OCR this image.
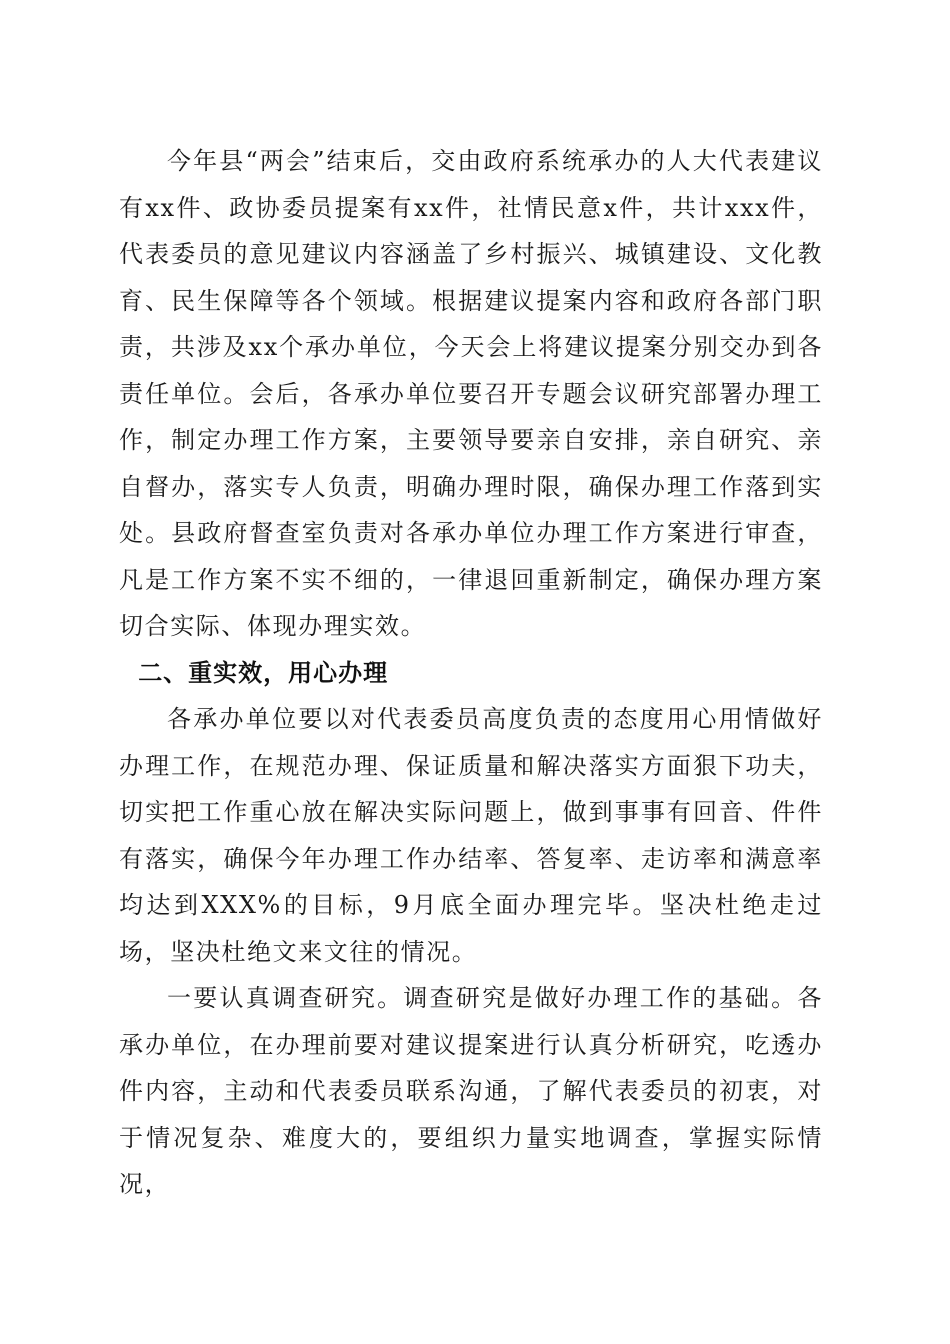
今年县“两会”结束后，交由政府系统承办的人大代表建议有xx件、政协委员提案有xx件，社情民意x件，共计xxx件，代表委员的意见建议内容涵盖了乡村振兴、城镇建设、文化教育、民生保障等各个领域。根据建议提案内容和政府各部门职责，共涉及xx个承办单位，今天会上将建议提案分别交办到各责任单位。会后，各承办单位要召开专题会议研究部署办理工作，制定办理工作方案，主要领导要亲自安排，亲自研究、亲自督办，落实专人负责，明确办理时限，确保办理工作落到实处。县政府督查室负责对各承办单位办理工作方案进行审查，凡是工作方案不实不细的，一律退回重新制定，确保办理方案切合实际、体现办理实效。

二、重实效，用心办理

各承办单位要以对代表委员高度负责的态度用心用情做好办理工作，在规范办理、保证质量和解决落实方面狠下功夫，切实把工作重心放在解决实际问题上，做到事事有回音、件件有落实，确保今年办理工作办结率、答复率、走访率和满意率均达到XXX%的目标，9月底全面办理完毕。坚决杜绝走过场，坚决杜绝文来文往的情况。

一要认真调查研究。调查研究是做好办理工作的基础。各承办单位，在办理前要对建议提案进行认真分析研究，吃透办件内容，主动和代表委员联系沟通，了解代表委员的初衷，对于情况复杂、难度大的，要组织力量实地调查，掌握实际情况，
